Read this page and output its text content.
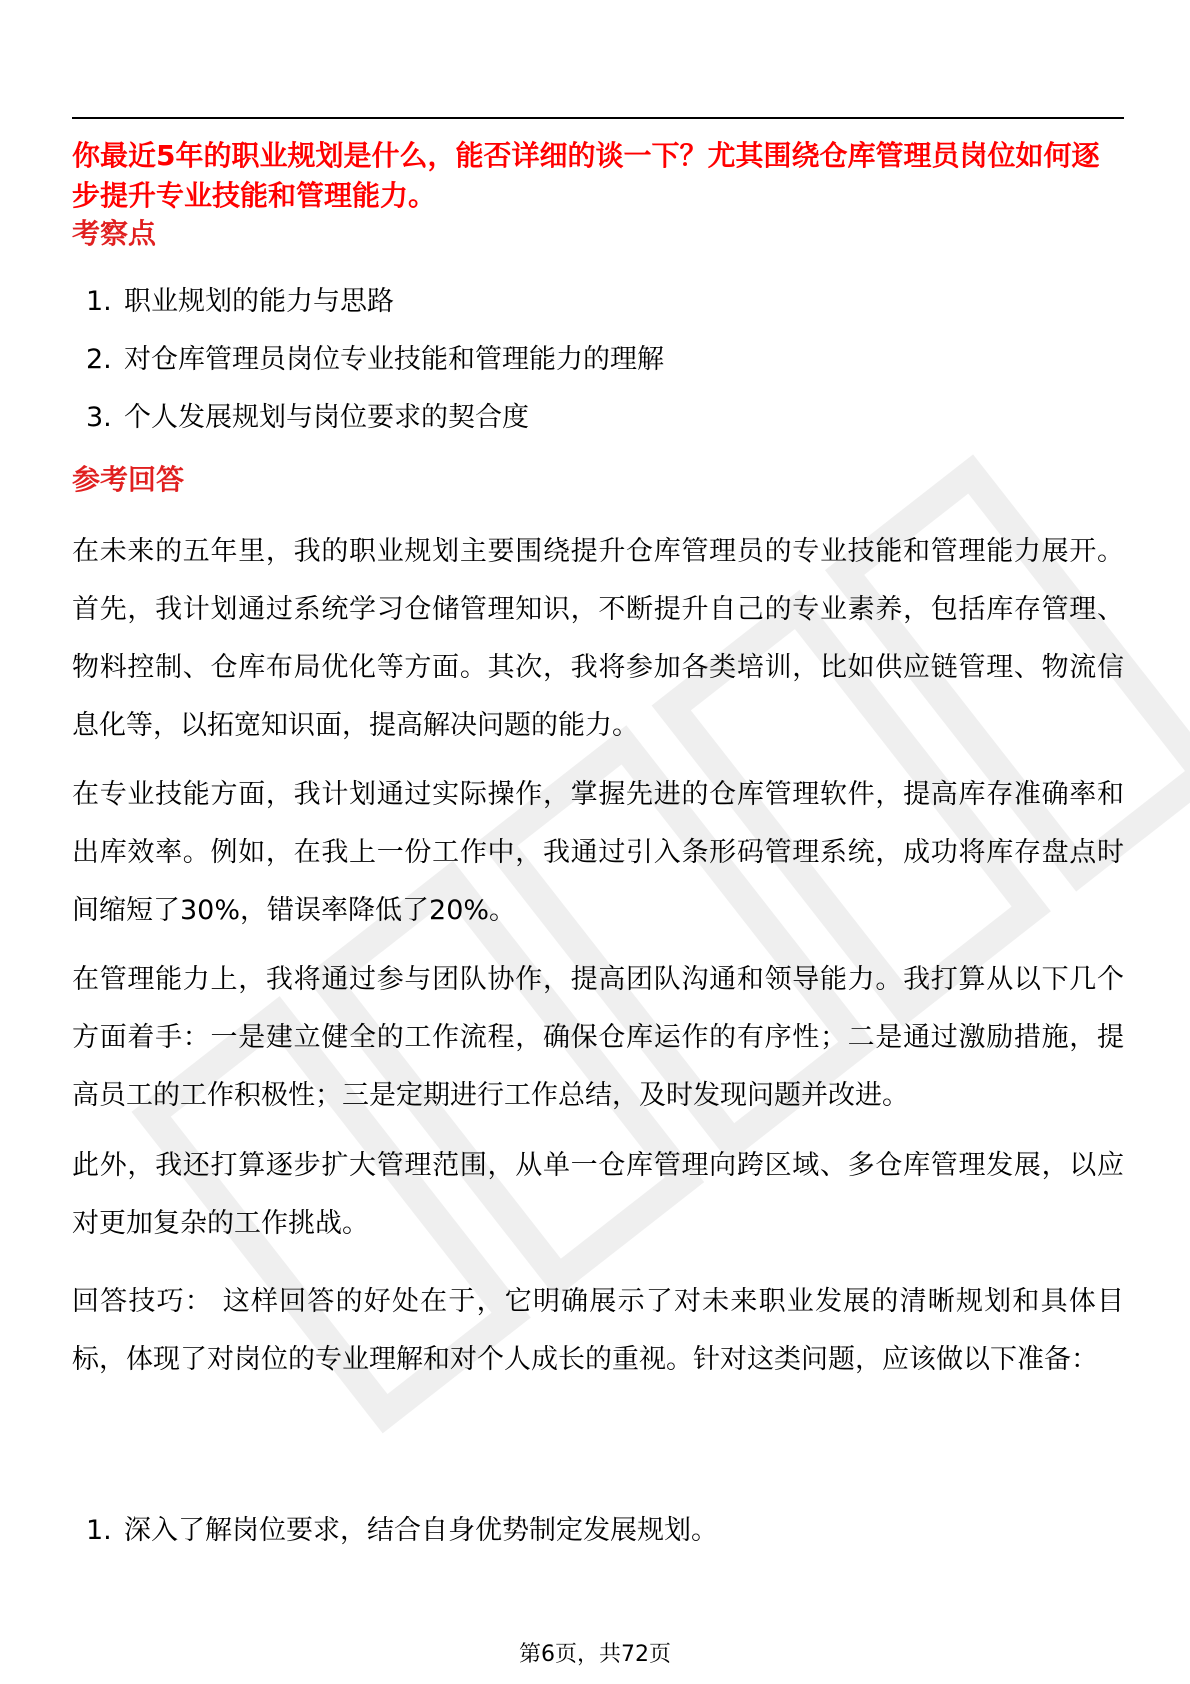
你最近5年的职业规划是什么，能否详细的谈一下？尤其围绕仓库管理员岗位如何逐步提升专业技能和管理能力。

考察点
1. 职业规划的能力与思路
2. 对仓库管理员岗位专业技能和管理能力的理解
3. 个人发展规划与岗位要求的契合度
参考回答

在未来的五年里，我的职业规划主要围绕提升仓库管理员的专业技能和管理能力展开。首先，我计划通过系统学习仓储管理知识，不断提升自己的专业素养，包括库存管理、物料控制、仓库布局优化等方面。其次，我将参加各类培训，比如供应链管理、物流信息化等，以拓宽知识面，提高解决问题的能力。

在专业技能方面，我计划通过实际操作，掌握先进的仓库管理软件，提高库存准确率和出库效率。例如，在我上一份工作中，我通过引入条形码管理系统，成功将库存盘点时间缩短了30%，错误率降低了20%。

在管理能力上，我将通过参与团队协作，提高团队沟通和领导能力。我打算从以下几个方面着手：一是建立健全的工作流程，确保仓库运作的有序性；二是通过激励措施，提高员工的工作积极性；三是定期进行工作总结，及时发现问题并改进。

此外，我还打算逐步扩大管理范围，从单一仓库管理向跨区域、多仓库管理发展，以应对更加复杂的工作挑战。

回答技巧： 这样回答的好处在于，它明确展示了对未来职业发展的清晰规划和具体目标，体现了对岗位的专业理解和对个人成长的重视。针对这类问题，应该做以下准备：

1. 深入了解岗位要求，结合自身优势制定发展规划。
第6页，共72页
